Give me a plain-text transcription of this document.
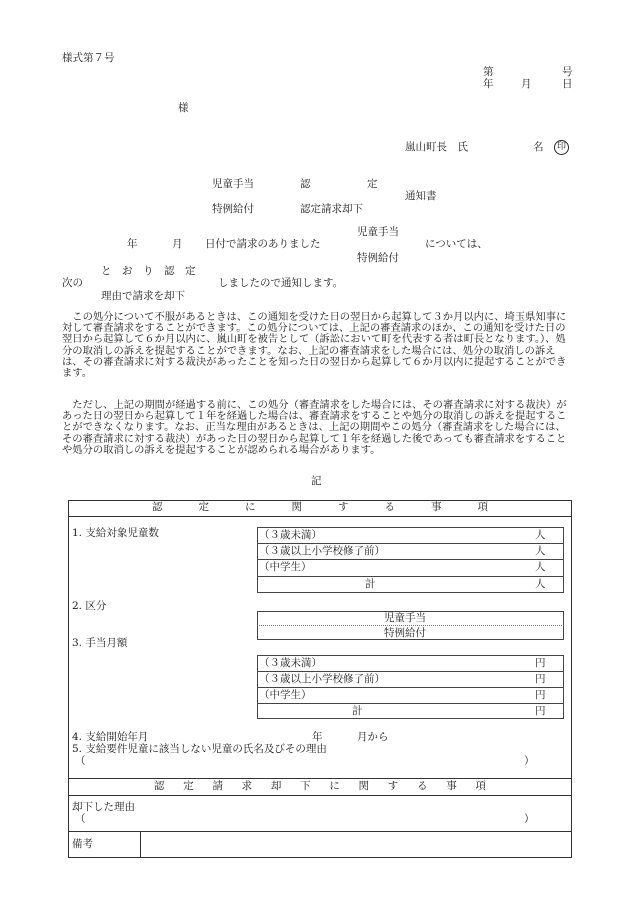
様式第７号
第	号
年	月	日
様
嵐山町長　氏	名	印
児童手当	認	定
通知書
特例給付	認定請求却下
児童手当
年	月 日付で請求のありました	については、
特例給付
と　お　り　認　定
次の	しましたので通知します。
理由で請求を却下
　この処分について不服があるときは、この通知を受けた日の翌日から起算して３か月以内に、埼玉県知事に対して審査請求をすることができます。この処分については、上記の審査請求のほか、この通知を受けた日の翌日から起算して６か月以内に、嵐山町を被告として（訴訟において町を代表する者は町長となります。）、処分の取消しの訴えを提起することができます。なお、上記の審査請求をした場合には、処分の取消しの訴えは、その審査請求に対する裁決があったことを知った日の翌日から起算して６か月以内に提起することができます。
　ただし、上記の期間が経過する前に、この処分（審査請求をした場合には、その審査請求に対する裁決）があった日の翌日から起算して１年を経過した場合は、審査請求をすることや処分の取消しの訴えを提起することができなくなります。なお、正当な理由があるときは、上記の期間やこの処分（審査請求をした場合には、その審査請求に対する裁決）があった日の翌日から起算して１年を経過した後であっても審査請求をすることや処分の取消しの訴えを提起することが認められる場合があります。
記
認	定	に	関	す	る	事	項
1. 支給対象児童数	（３歳未満）	人
（３歳以上小学校修了前）	人
（中学生）	人
計	人
2. 区分
児童手当
特例給付
3. 手当月額
（３歳未満）	円
（３歳以上小学校修了前）	円
（中学生）	円
計	円
4. 支給開始年月	年	月から
5. 支給要件児童に該当しない児童の氏名及びその理由
（	）
認 定 請 求 却 下 に 関 す る 事 項
却下した理由
（	）
備考
